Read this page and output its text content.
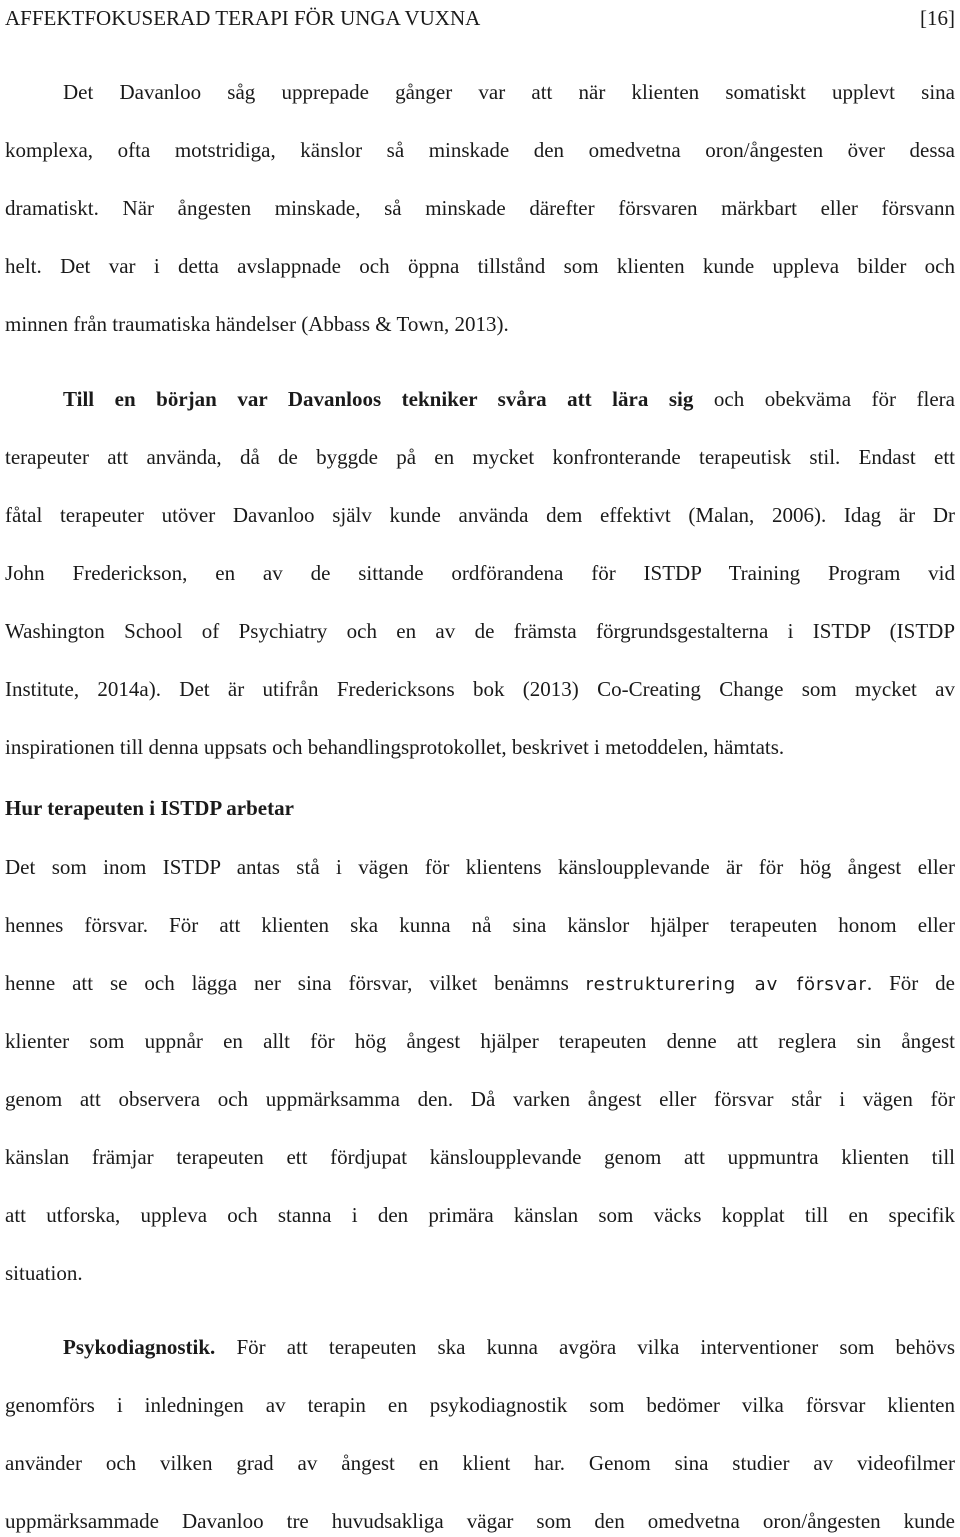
AFFEKTFOKUSERAD TERAPI FÖR UNGA VUXNA	[16]
Det Davanloo såg upprepade gånger var att när klienten somatiskt upplevt sina
komplexa, ofta motstridiga, känslor så minskade den omedvetna oron/ångesten över dessa
dramatiskt. När ångesten minskade, så minskade därefter försvaren märkbart eller försvann
helt. Det var i detta avslappnade och öppna tillstånd som klienten kunde uppleva bilder och
minnen från traumatiska händelser (Abbass & Town, 2013).
Till en början var Davanloos tekniker svåra att lära sig och obekväma för flera
terapeuter att använda, då de byggde på en mycket konfronterande terapeutisk stil. Endast ett
fåtal terapeuter utöver Davanloo själv kunde använda dem effektivt (Malan, 2006). Idag är Dr
John Frederickson, en av de sittande ordförandena för ISTDP Training Program vid
Washington School of Psychiatry och en av de främsta förgrundsgestalterna i ISTDP (ISTDP
Institute, 2014a). Det är utifrån Fredericksons bok (2013) Co-Creating Change som mycket av
inspirationen till denna uppsats och behandlingsprotokollet, beskrivet i metoddelen, hämtats.
Hur terapeuten i ISTDP arbetar
Det som inom ISTDP antas stå i vägen för klientens känsloupplevande är för hög ångest eller
hennes försvar. För att klienten ska kunna nå sina känslor hjälper terapeuten honom eller
henne att se och lägga ner sina försvar, vilket benämns restrukturering av försvar. För de
klienter som uppnår en allt för hög ångest hjälper terapeuten denne att reglera sin ångest
genom att observera och uppmärksamma den. Då varken ångest eller försvar står i vägen för
känslan främjar terapeuten ett fördjupat känsloupplevande genom att uppmuntra klienten till
att utforska, uppleva och stanna i den primära känslan som väcks kopplat till en specifik
situation.
Psykodiagnostik. För att terapeuten ska kunna avgöra vilka interventioner som behövs
genomförs i inledningen av terapin en psykodiagnostik som bedömer vilka försvar klienten
använder och vilken grad av ångest en klient har. Genom sina studier av videofilmer
uppmärksammade Davanloo tre huvudsakliga vägar som den omedvetna oron/ångesten kunde
